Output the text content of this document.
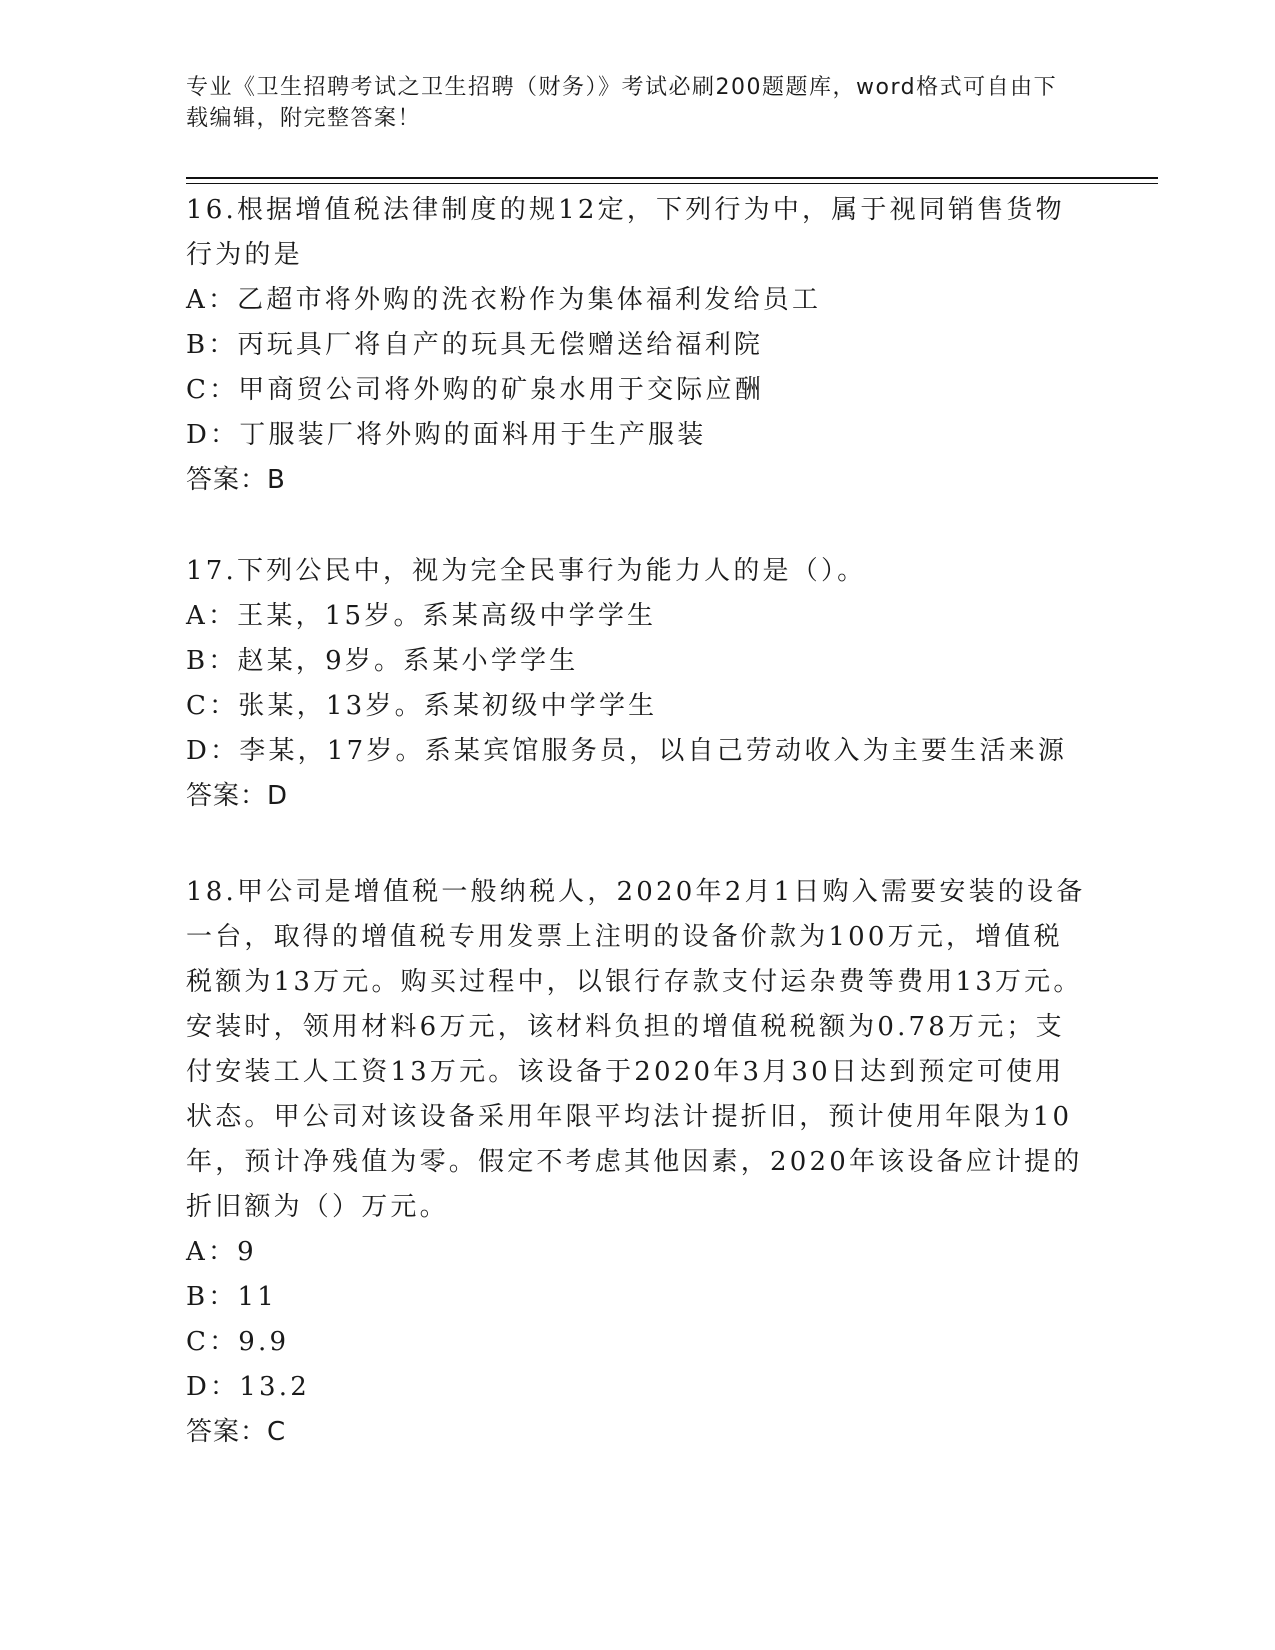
专业《卫生招聘考试之卫生招聘（财务）》考试必刷200题题库，word格式可自由下载编辑，附完整答案！

16.根据增值税法律制度的规12定，下列行为中，属于视同销售货物行为的是

A：乙超市将外购的洗衣粉作为集体福利发给员工

B：丙玩具厂将自产的玩具无偿赠送给福利院

C：甲商贸公司将外购的矿泉水用于交际应酬

D：丁服装厂将外购的面料用于生产服装

答案：B

17.下列公民中，视为完全民事行为能力人的是（）。

A：王某，15岁。系某高级中学学生

B：赵某，9岁。系某小学学生

C：张某，13岁。系某初级中学学生

D：李某，17岁。系某宾馆服务员，以自己劳动收入为主要生活来源

答案：D

18.甲公司是增值税一般纳税人，2020年2月1日购入需要安装的设备一台，取得的增值税专用发票上注明的设备价款为100万元，增值税税额为13万元。购买过程中，以银行存款支付运杂费等费用13万元。安装时，领用材料6万元，该材料负担的增值税税额为0.78万元；支付安装工人工资13万元。该设备于2020年3月30日达到预定可使用状态。甲公司对该设备采用年限平均法计提折旧，预计使用年限为10年，预计净残值为零。假定不考虑其他因素，2020年该设备应计提的折旧额为（）万元。

A：9

B：11

C：9.9

D：13.2

答案：C
